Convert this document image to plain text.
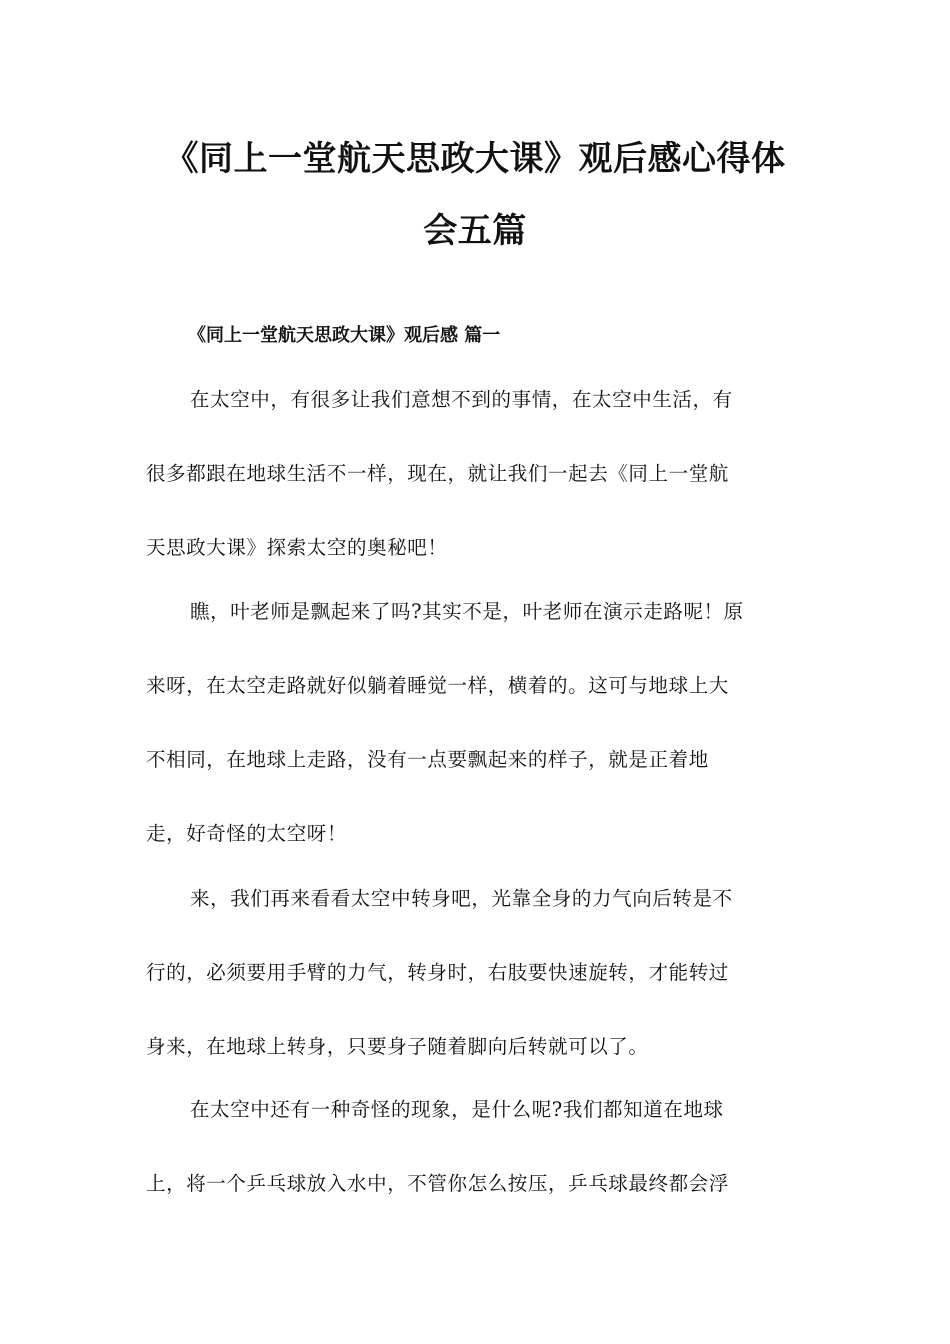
《同上一堂航天思政大课》观后感心得体
会五篇
《同上一堂航天思政大课》观后感 篇一
在太空中，有很多让我们意想不到的事情，在太空中生活，有
很多都跟在地球生活不一样，现在，就让我们一起去《同上一堂航
天思政大课》探索太空的奥秘吧！
瞧，叶老师是飘起来了吗?其实不是，叶老师在演示走路呢！原
来呀，在太空走路就好似躺着睡觉一样，横着的。这可与地球上大
不相同，在地球上走路，没有一点要飘起来的样子，就是正着地
走，好奇怪的太空呀！
来，我们再来看看太空中转身吧，光靠全身的力气向后转是不
行的，必须要用手臂的力气，转身时，右肢要快速旋转，才能转过
身来，在地球上转身，只要身子随着脚向后转就可以了。
在太空中还有一种奇怪的现象，是什么呢?我们都知道在地球
上，将一个乒乓球放入水中，不管你怎么按压，乒乓球最终都会浮
